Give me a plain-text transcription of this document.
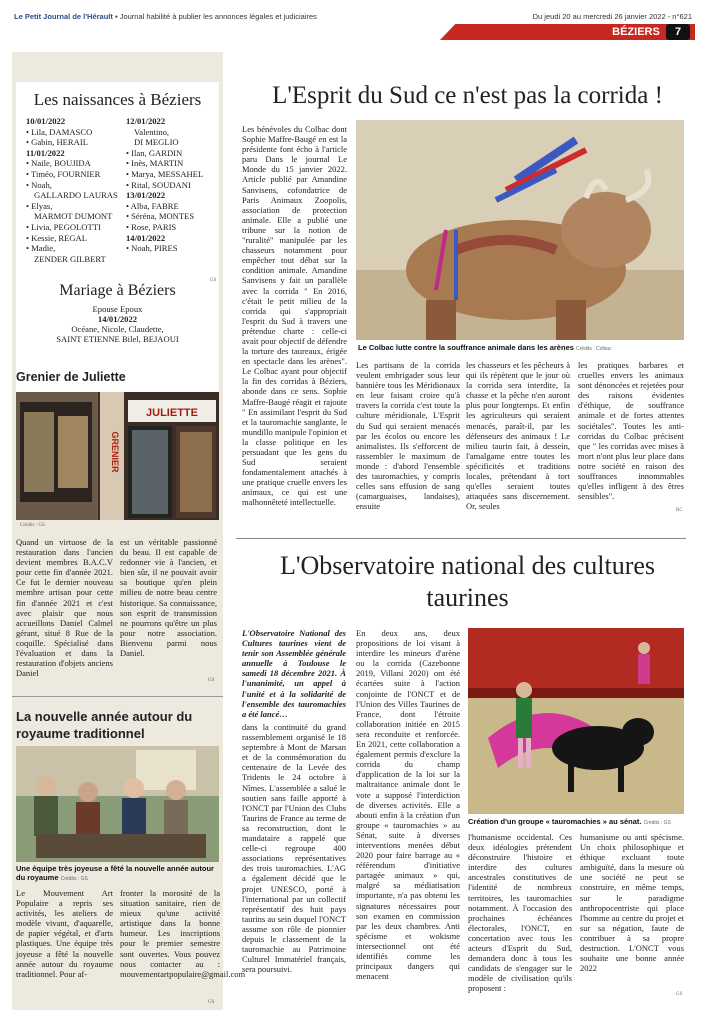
Le Petit Journal de l'Hérault ▪ Journal habilité à publier les annonces légales et judiciaires	Du jeudi 20 au mercredi 26 janvier 2022 - n°621
BÉZIERS	7
Les naissances à Béziers
10/01/2022
• Lila, DAMASCO
• Gabin, HERAIL
11/01/2022
• Naile, BOUJIDA
• Timéo, FOURNIER
• Noah,
GALLARDO LAURAS
• Elyas,
MARMOT DUMONT
• Livia, PEGOLOTTI
• Kessie, REGAL
• Madie,
ZENDER GILBERT
12/01/2022
Valentino,
DI MEGLIO
• Ilan, GARDIN
• Inès, MARTIN
• Marya, MESSAHEL
• Rital, SOUDANI
13/01/2022
• Alba, FABRE
• Séréna, MONTES
• Rose, PARIS
14/01/2022
• Noah, PIRES
GS
Mariage à Béziers
Epouse Epoux
14/01/2022
Océane, Nicole, Claudette,
SAINT ETIENNE Bilel, BEJAOUI
Grenier de Juliette
GRENIER
JULIETTE
Crédits : GS
Quand un virtuose de la restauration dans l'ancien devient membres B.A.C.V pour cette fin d'année 2021. Ce fut le dernier nouveau membre artisan pour cette fin d'année 2021 et c'est avec plaisir que nous accueillons Daniel Calmel gérant, situé 8 Rue de la coquille. Spécialisé dans l'évaluation et dans la restauration d'objets anciens Daniel
est un véritable passionné du beau. Il est capable de redonner vie à l'ancien, et bien sûr, il ne pouvait avoir sa boutique qu'en plein milieu de notre beau centre historique. Sa connaissance, son esprit de transmission ne pourrons qu'être un plus pour notre association. Bienvenu parmi nous Daniel.
GS
La nouvelle année autour du royaume traditionnel
Une équipe très joyeuse a fêté la nouvelle année autour du royaume Crédits : GS
Le Mouvement Art Populaire a repris ses activités, les ateliers de modèle vivant, d'aquarelle, de papier végétal, et d'arts plastiques. Une équipe très joyeuse a fêté la nouvelle année autour du royaume traditionnel. Pour af-
fronter la morosité de la situation sanitaire, rien de mieux qu'une activité artistique dans la bonne humeur. Les inscriptions pour le premier semestre sont ouvertes. Vous pouvez nous contacter au : mouvementartpopulaire@gmail.com
GS
L'Esprit du Sud ce n'est pas la corrida !
Les bénévoles du Colbac dont Sophie Maffre-Baugé en est la présidente font écho à l'article paru Dans le journal Le Monde du 15 janvier 2022. Article publié par Amandine Sanvisens, cofondatrice de Paris Animaux Zoopolis, association de protection animale. Elle a publié une tribune sur la notion de "ruralité" manipulée par les chasseurs notamment pour empêcher tout débat sur la condition animale. Amandine Sanvisens y fait un parallèle avec la corrida " En 2016, c'était le petit milieu de la corrida qui s'appropriait l'esprit du Sud à travers une prétendue charte : celle-ci avait pour objectif de défendre la torture des taureaux, érigée en spectacle dans les arènes". Le Colbac ayant pour objectif la fin des corridas à Béziers, abonde dans ce sens. Sophie Maffre-Baugé réagit et rajoute " En assimilant l'esprit du Sud et la tauromachie sanglante, le mundillo manipule l'opinion et la classe politique en les persuadant que les gens du Sud seraient fondamentalement attachés à une pratique cruelle envers les animaux, ce qui est une malhonnêteté intellectuelle.
Le Colbac lutte contre la souffrance animale dans les arènes Crédits : Colbac
Les partisans de la corrida veulent embrigader sous leur bannière tous les Méridionaux en leur faisant croire qu'à travers la corrida c'est toute la culture méridionale, L'Esprit du Sud qui seraient menacés par les écolos ou encore les animalistes. Ils s'efforcent de rassembler le maximum de monde : d'abord l'ensemble des tauromachies, y compris celles sans effusion de sang (camarguaises, landaises), ensuite
les chasseurs et les pêcheurs à qui ils répètent que le jour où la corrida sera interdite, la chasse et la pêche n'en auront plus pour longtemps. Et enfin les agriculteurs qui seraient menacés, paraît-il, par les défenseurs des animaux ! Le milieu taurin fait, à dessein, l'amalgame entre toutes les spécificités et traditions locales, prétendant à tort qu'elles seraient toutes attaquées sans discernement. Or, seules
les pratiques barbares et cruelles envers les animaux sont dénoncées et rejetées pour des raisons évidentes d'éthique, de souffrance animale et de fortes attentes sociétales". Toutes les anti-corridas du Colbac précisent que " les corridas avec mises à mort n'ont plus leur place dans notre société en raison des souffrances innommables qu'elles infligent à des êtres sensibles".
RC
L'Observatoire national des cultures taurines
L'Observatoire National des Cultures taurines vient de tenir son Assemblée générale annuelle à Toulouse le samedi 18 décembre 2021. À l'unanimité, un appel à l'unité et à la solidarité de l'ensemble des tauromachies a été lancé…
dans la continuité du grand rassemblement organisé le 18 septembre à Mont de Marsan et de la commémoration du centenaire de la Levée des Tridents le 24 octobre à Nîmes. L'assemblée a salué le soutien sans faille apporté à l'ONCT par l'Union des Clubs Taurins de France au terme de sa reconstruction, dont le mandataire a rappelé que celle-ci regroupe 400 associations représentatives des trois tauromachies. L'AG a également décidé que le projet UNESCO, porté à l'international par un collectif représentatif des huit pays taurins au sein duquel l'ONCT assume son rôle de pionnier depuis le classement de la tauromachie au Patrimoine Culturel Immatériel français, sera poursuivi.
En deux ans, deux propositions de loi visant à interdire les mineurs d'arène ou la corrida (Cazebonne 2019, Villani 2020) ont été écartées suite à l'action conjointe de l'ONCT et de l'Union des Villes Taurines de France, dont l'étroite collaboration initiée en 2015 sera reconduite et renforcée. En 2021, cette collaboration a également permis d'exclure la corrida du champ d'application de la loi sur la maltraitance animale dont le vote a supposé l'interdiction de diverses activités. Elle a abouti enfin à la création d'un groupe « tauromachies » au Sénat, suite à diverses interventions menées début 2020 pour faire barrage au « référendum d'initiative partagée animaux » qui, malgré sa médiatisation importante, n'a pas obtenu les signatures nécessaires pour son examen en commission par les deux chambres. Anti spécisme et wokisme intersectionnel ont été identifiés comme les principaux dangers qui menacent
Création d'un groupe « tauromachies » au sénat. Crédits : GS
l'humanisme occidental. Ces deux idéologies prétendent déconstruire l'histoire et interdire des cultures ancestrales constitutives de l'identité de nombreux territoires, les tauromachies notamment. À l'occasion des prochaines échéances électorales, l'ONCT, en concertation avec tous les acteurs d'Esprit du Sud, demandera donc à tous les candidats de s'engager sur le modèle de civilisation qu'ils proposent :
humanisme ou anti spécisme. Un choix philosophique et éthique excluant toute ambiguïté, dans la mesure où une société ne peut se construire, en même temps, sur le paradigme anthropocentriste qui place l'homme au centre du projet et sur sa négation, faute de contribuer à sa propre destruction. L'ONCT vous souhaite une bonne année 2022
GS
